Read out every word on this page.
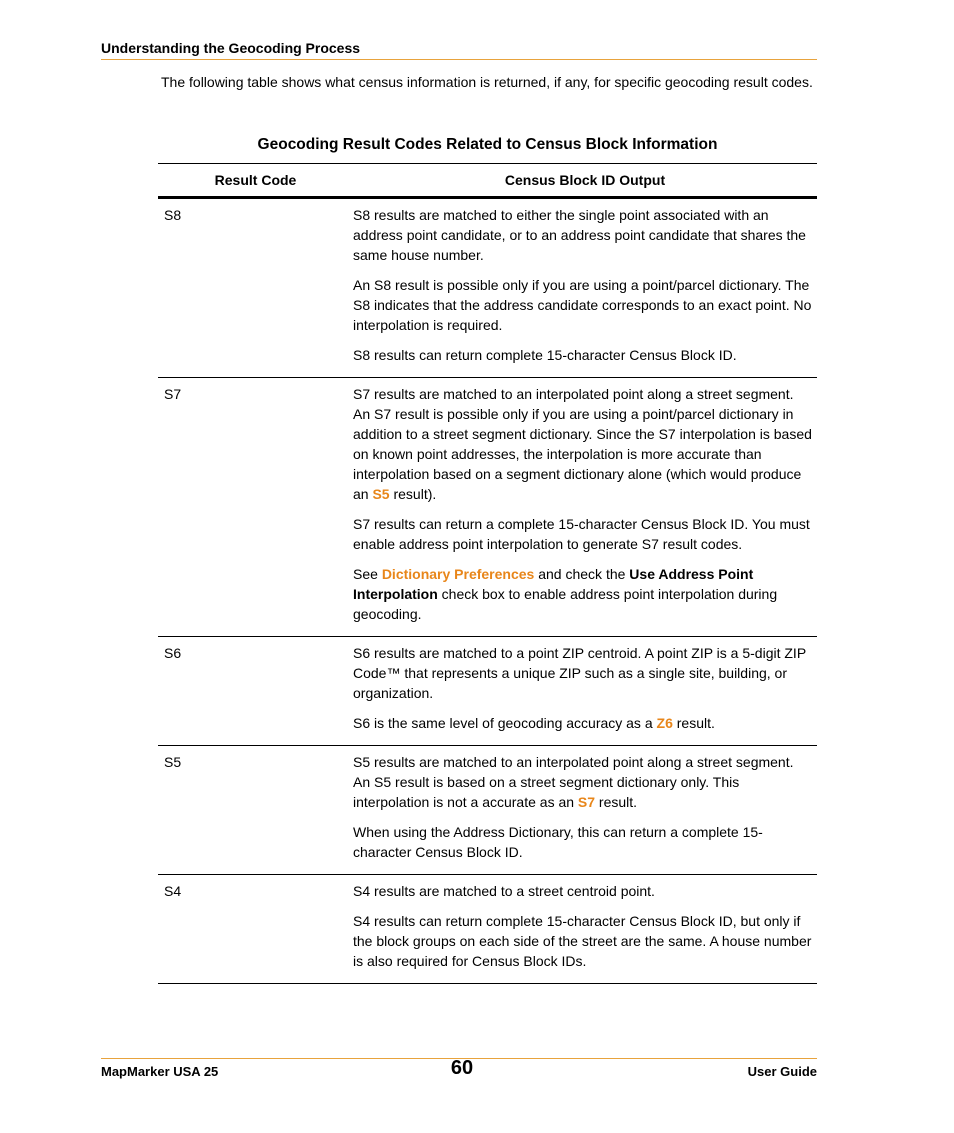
Understanding the Geocoding Process

The following table shows what census information is returned, if any, for specific geocoding result codes.

Geocoding Result Codes Related to Census Block Information

Result Code	Census Block ID Output
S8	S8 results are matched to either the single point associated with an address point candidate, or to an address point candidate that shares the same house number.

An S8 result is possible only if you are using a point/parcel dictionary. The S8 indicates that the address candidate corresponds to an exact point. No interpolation is required.

S8 results can return complete 15-character Census Block ID.

S7	S7 results are matched to an interpolated point along a street segment. An S7 result is possible only if you are using a point/parcel dictionary in addition to a street segment dictionary. Since the S7 interpolation is based on known point addresses, the interpolation is more accurate than interpolation based on a segment dictionary alone (which would produce an S5 result).

S7 results can return a complete 15-character Census Block ID. You must enable address point interpolation to generate S7 result codes.

See Dictionary Preferences and check the Use Address Point Interpolation check box to enable address point interpolation during geocoding.

S6	S6 results are matched to a point ZIP centroid. A point ZIP is a 5-digit ZIP Code™ that represents a unique ZIP such as a single site, building, or organization.

S6 is the same level of geocoding accuracy as a Z6 result.

S5	S5 results are matched to an interpolated point along a street segment. An S5 result is based on a street segment dictionary only. This interpolation is not a accurate as an S7 result.

When using the Address Dictionary, this can return a complete 15-character Census Block ID.

S4	S4 results are matched to a street centroid point.

S4 results can return complete 15-character Census Block ID, but only if the block groups on each side of the street are the same. A house number is also required for Census Block IDs.

MapMarker USA 25	60	User Guide
